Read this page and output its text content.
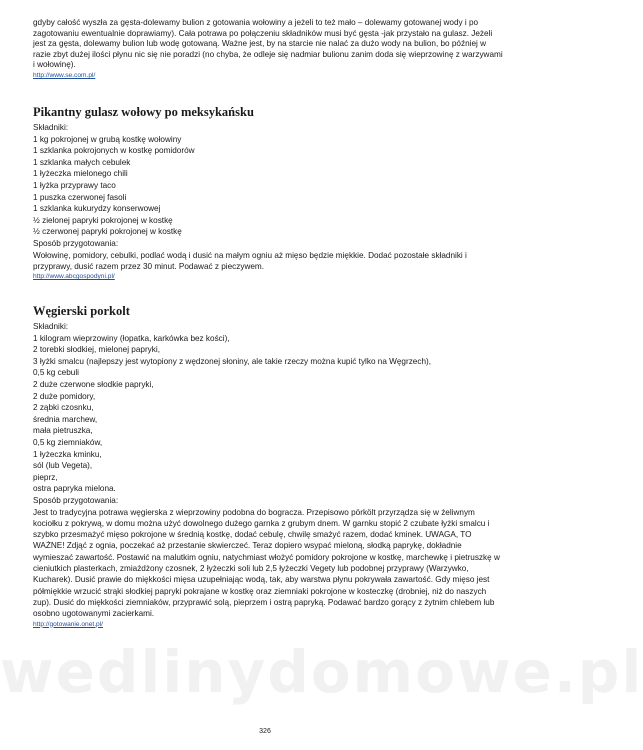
wedlinydomowe.pl

gdyby całość wyszła za gęsta-dolewamy bulion z gotowania wołowiny a jeżeli to też mało – dolewamy gotowanej wody i po zagotowaniu ewentualnie doprawiamy). Cała potrawa po połączeniu składników musi być gęsta -jak przystało na gulasz. Jeżeli jest za gęsta, dolewamy bulion lub wodę gotowaną. Ważne jest, by na starcie nie nalać za dużo wody na bulion, bo później w razie zbyt dużej ilości płynu nic się nie poradzi (no chyba, że odleje się nadmiar bulionu zanim doda się wieprzowinę z warzywami i wołowinę).

http://www.se.com.pl/
Pikantny gulasz wołowy po meksykańsku
Składniki:
1 kg pokrojonej w grubą kostkę wołowiny
1 szklanka pokrojonych w kostkę pomidorów
1 szklanka małych cebulek
1 łyżeczka mielonego chili
1 łyżka przyprawy taco
1 puszka czerwonej fasoli
1 szklanka kukurydzy konserwowej
½ zielonej papryki pokrojonej w kostkę
½ czerwonej papryki pokrojonej w kostkę
Sposób przygotowania:

Wołowinę, pomidory, cebulki, podlać wodą i dusić na małym ogniu aż mięso będzie miękkie. Dodać pozostałe składniki i przyprawy, dusić razem przez 30 minut. Podawać z pieczywem.

http://www.abcgospodyni.pl/
Węgierski porkolt
Składniki:
1 kilogram wieprzowiny (łopatka, karkówka bez kości),
2 torebki słodkiej, mielonej papryki,
3 łyżki smalcu (najlepszy jest wytopiony z wędzonej słoniny, ale takie rzeczy można kupić tylko na Węgrzech),
0,5 kg cebuli
2 duże czerwone słodkie papryki,
2 duże pomidory,
2 ząbki czosnku,
średnia marchew,
mała pietruszka,
0,5 kg ziemniaków,
1 łyżeczka kminku,
sól (lub Vegeta),
pieprz,
ostra papryka mielona.
Sposób przygotowania:

Jest to tradycyjna potrawa węgierska z wieprzowiny podobna do bogracza. Przepisowo pörkölt przyrządza się w żeliwnym kociołku z pokrywą, w domu można użyć dowolnego dużego garnka z grubym dnem. W garnku stopić 2 czubate łyżki smalcu i szybko przesmażyć mięso pokrojone w średnią kostkę, dodać cebulę, chwilę smażyć razem, dodać kminek. UWAGA, TO WAŻNE! Zdjąć z ognia, poczekać aż przestanie skwierczeć. Teraz dopiero wsypać mieloną, słodką paprykę, dokładnie wymieszać zawartość. Postawić na malutkim ogniu, natychmiast włożyć pomidory pokrojone w kostkę, marchewkę i pietruszkę w cieniutkich plasterkach, zmiażdżony czosnek, 2 łyżeczki soli lub 2,5 łyżeczki Vegety lub podobnej przyprawy (Warzywko, Kucharek). Dusić prawie do miękkości mięsa uzupełniając wodą, tak, aby warstwa płynu pokrywała zawartość. Gdy mięso jest półmiękkie wrzucić strąki słodkiej papryki pokrajane w kostkę oraz ziemniaki pokrojone w kosteczkę (drobniej, niż do naszych zup). Dusić do miękkości ziemniaków, przyprawić solą, pieprzem i ostrą papryką. Podawać bardzo gorący z żytnim chlebem lub osobno ugotowanymi zacierkami.

http://gotowanie.onet.pl/
326
